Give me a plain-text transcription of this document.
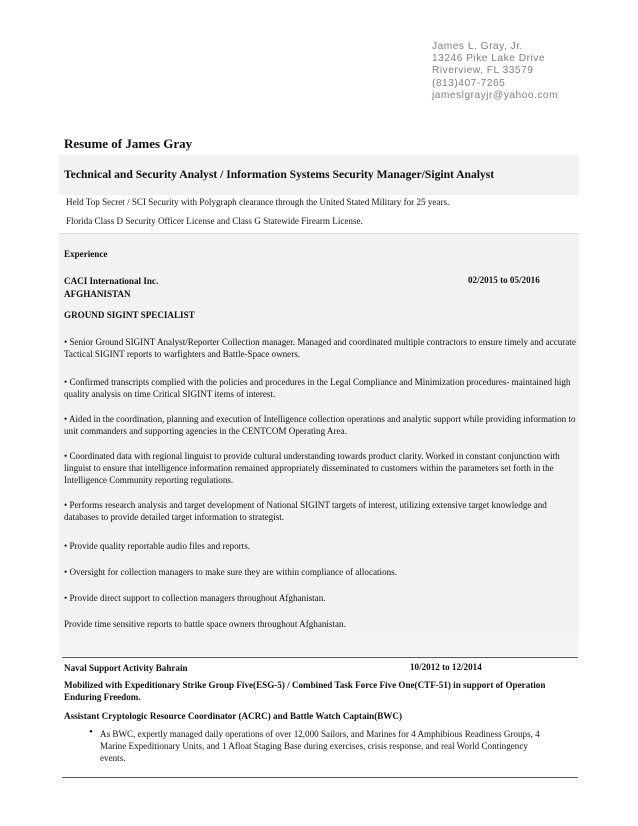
James L. Gray, Jr.
13246 Pike Lake Drive
Riverview, FL 33579
(813)407-7265
jameslgrayjr@yahoo.com
Resume of James Gray
Technical and Security Analyst / Information Systems Security Manager/Sigint Analyst
Held Top Secret / SCI Security with Polygraph clearance through the United Stated Military for 25 years.
Florida Class D Security Officer License and Class G Statewide Firearm License.
Experience
CACI International Inc.	02/2015 to 05/2016
AFGHANISTAN
GROUND SIGINT SPECIALIST
• Senior Ground SIGINT Analyst/Reporter Collection manager. Managed and coordinated multiple contractors to ensure timely and accurate Tactical SIGINT reports to warfighters and Battle-Space owners.
• Confirmed transcripts complied with the policies and procedures in the Legal Compliance and Minimization procedures- maintained high quality analysis on time Critical SIGINT items of interest.
• Aided in the coordination, planning and execution of Intelligence collection operations and analytic support while providing information to unit commanders and supporting agencies in the CENTCOM Operating Area.
• Coordinated data with regional linguist to provide cultural understanding towards product clarity. Worked in constant conjunction with linguist to ensure that intelligence information remained appropriately disseminated to customers within the parameters set forth in the Intelligence Community reporting regulations.
• Performs research analysis and target development of National SIGINT targets of interest, utilizing extensive target knowledge and databases to provide detailed target information to strategist.
• Provide quality reportable audio files and reports.
• Oversight for collection managers to make sure they are within compliance of allocations.
• Provide direct support to collection managers throughout Afghanistan.
Provide time sensitive reports to battle space owners throughout Afghanistan.
Naval Support Activity Bahrain	10/2012 to 12/2014
Mobilized with Expeditionary Strike Group Five(ESG-5) / Combined Task Force Five One(CTF-51) in support of Operation Enduring Freedom.
Assistant Cryptologic Resource Coordinator (ACRC) and Battle Watch Captain(BWC)
• As BWC, expertly managed daily operations of over 12,000 Sailors, and Marines for 4 Amphibious Readiness Groups, 4 Marine Expeditionary Units, and 1 Afloat Staging Base during exercises, crisis response, and real World Contingency events.
